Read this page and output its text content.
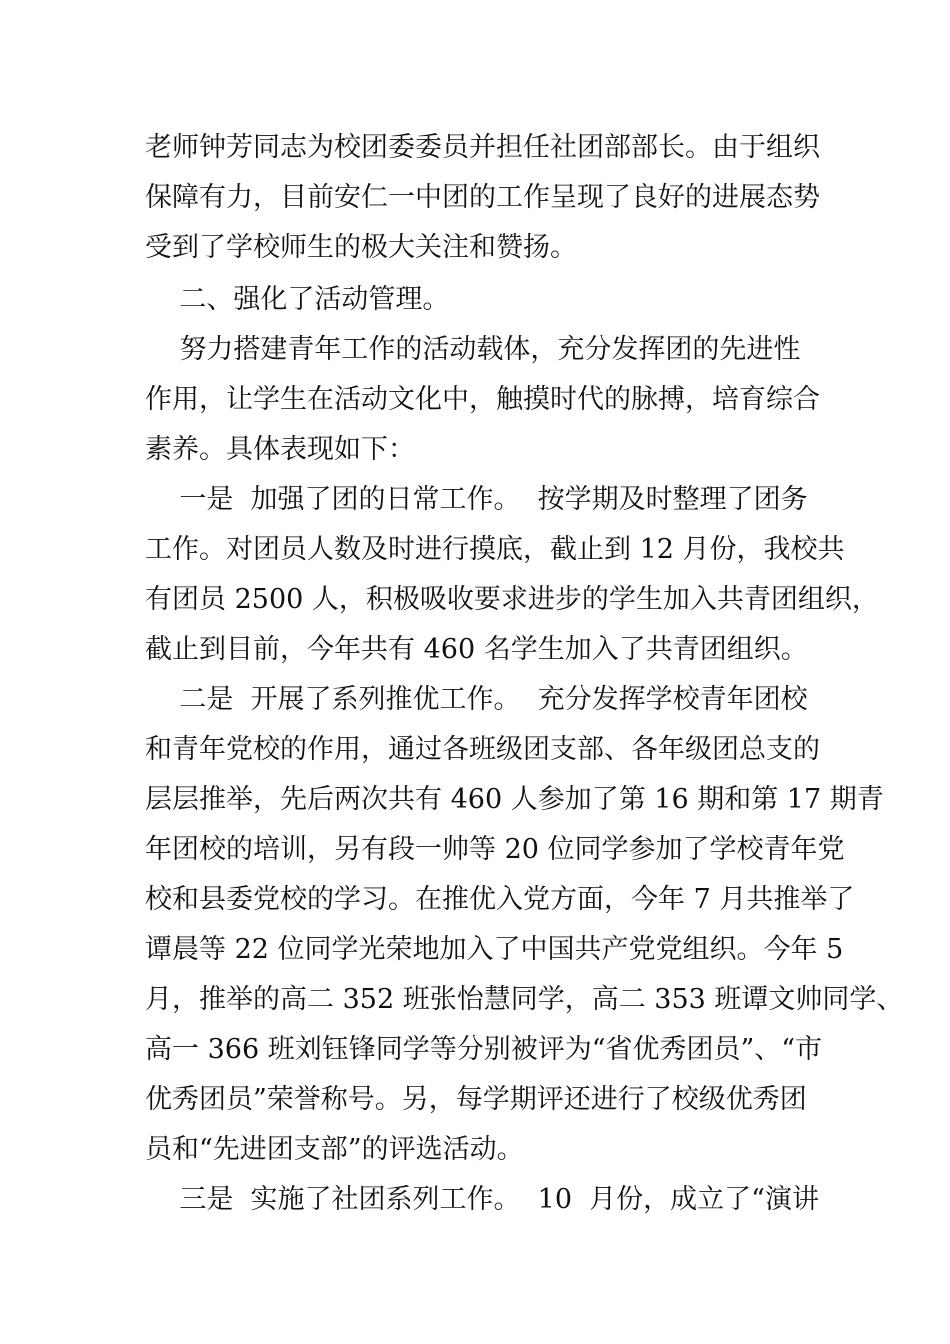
老师钟芳同志为校团委委员并担任社团部部长。由于组织
保障有力，目前安仁一中团的工作呈现了良好的进展态势
受到了学校师生的极大关注和赞扬。
二、强化了活动管理。
努力搭建青年工作的活动载体，充分发挥团的先进性
作用，让学生在活动文化中，触摸时代的脉搏，培育综合
素养。具体表现如下：
一是  加强了团的日常工作。  按学期及时整理了团务
工作。对团员人数及时进行摸底，截止到 12 月份，我校共
有团员 2500 人，积极吸收要求进步的学生加入共青团组织，
截止到目前，今年共有 460 名学生加入了共青团组织。
二是  开展了系列推优工作。  充分发挥学校青年团校
和青年党校的作用，通过各班级团支部、各年级团总支的
层层推举，先后两次共有 460 人参加了第 16 期和第 17 期青
年团校的培训，另有段一帅等 20 位同学参加了学校青年党
校和县委党校的学习。在推优入党方面，今年 7 月共推举了
谭晨等 22 位同学光荣地加入了中国共产党党组织。今年 5
月，推举的高二 352 班张怡慧同学，高二 353 班谭文帅同学、
高一 366 班刘钰锋同学等分别被评为“省优秀团员”、“市
优秀团员”荣誉称号。另，每学期评还进行了校级优秀团
员和“先进团支部”的评选活动。
三是  实施了社团系列工作。  10  月份，成立了“演讲
